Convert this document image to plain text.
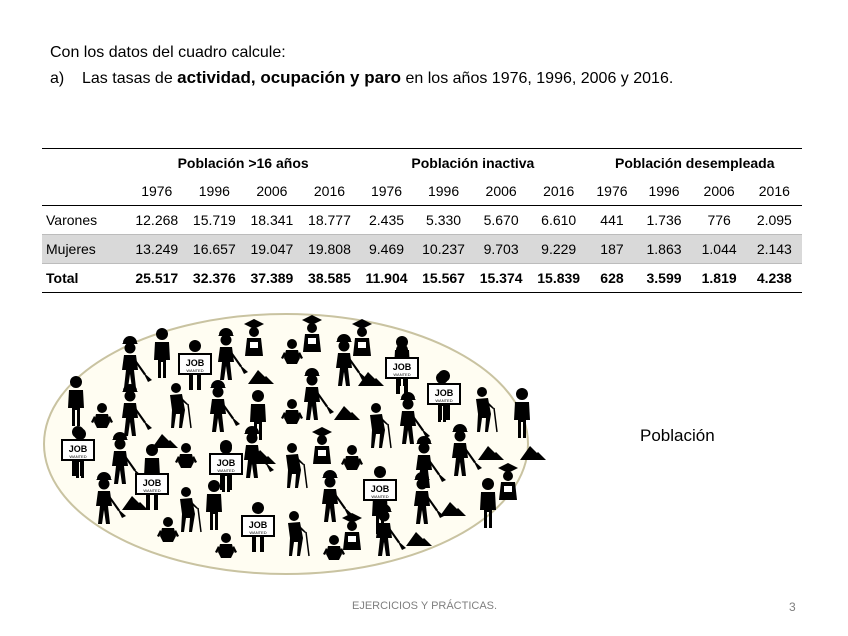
Con los datos del cuadro calcule:
a) Las tasas de actividad, ocupación y paro en los años 1976, 1996, 2006 y 2016.
	Población >16 años				Población inactiva				Población desempleada			
	1976	1996	2006	2016	1976	1996	2006	2016	1976	1996	2006	2016
Varones	12.268	15.719	18.341	18.777	2.435	5.330	5.670	6.610	441	1.736	776	2.095
Mujeres	13.249	16.657	19.047	19.808	9.469	10.237	9.703	9.229	187	1.863	1.044	2.143
Total	25.517	32.376	37.389	38.585	11.904	15.567	15.374	15.839	628	3.599	1.819	4.238
JOB
WANTED	JOB
WANTED
JOB
WANTED
JOB
WANTED
JOB
WANTED
JOB
WANTED	JOB
WANTED
JOB
WANTED
Población
EJERCICIOS Y PRÁCTICAS.	3
